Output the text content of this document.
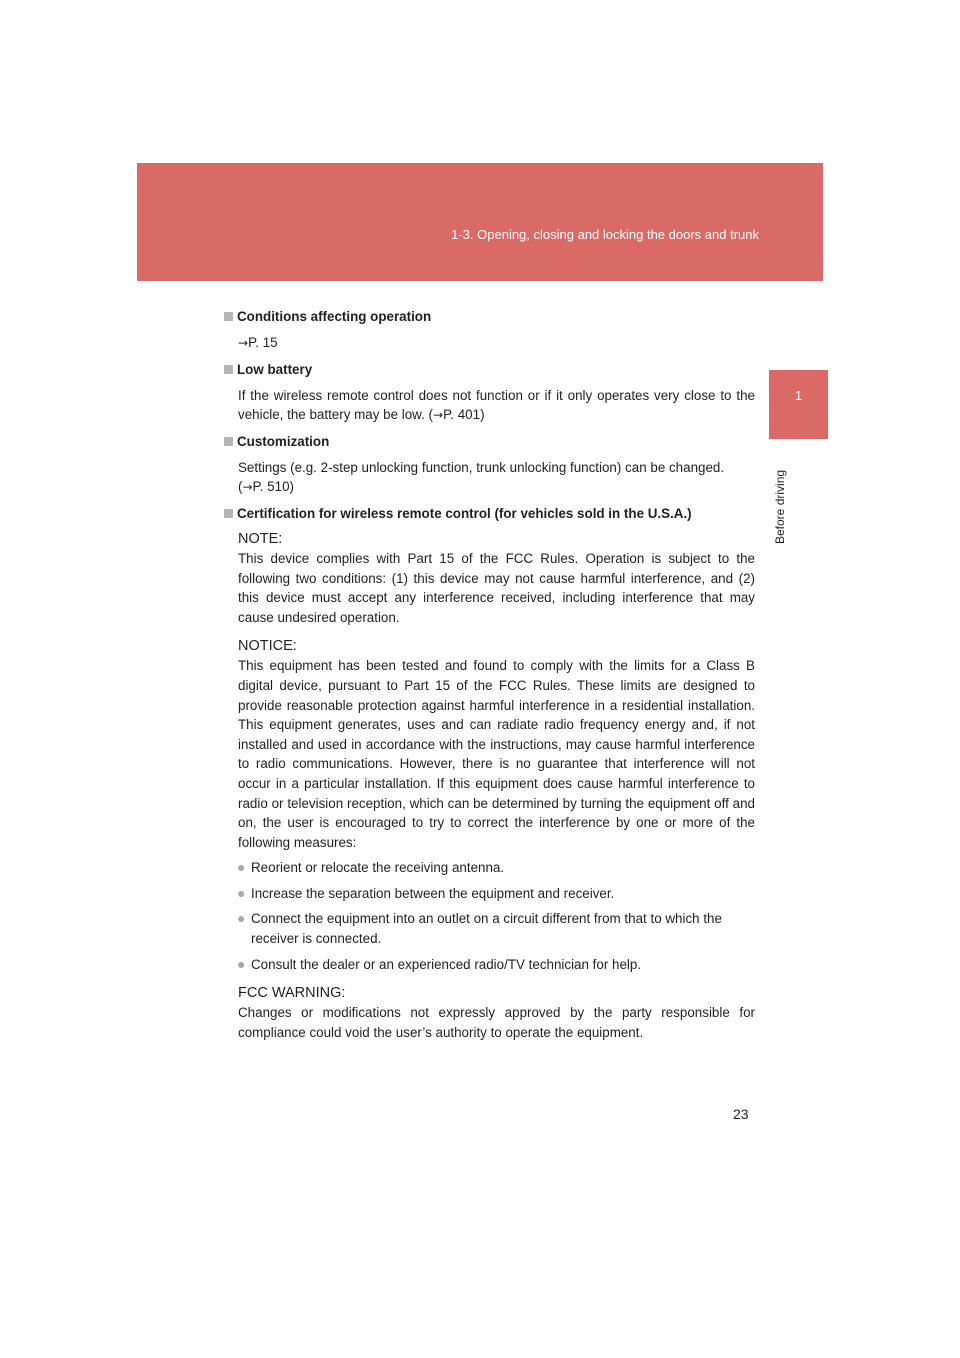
1-3. Opening, closing and locking the doors and trunk
1
Before driving
Conditions affecting operation
→P. 15
Low battery
If the wireless remote control does not function or if it only operates very close to the vehicle, the battery may be low. (→P. 401)
Customization
Settings (e.g. 2-step unlocking function, trunk unlocking function) can be changed.
(→P. 510)
Certification for wireless remote control (for vehicles sold in the U.S.A.)
NOTE:
This device complies with Part 15 of the FCC Rules. Operation is subject to the following two conditions: (1) this device may not cause harmful interference, and (2) this device must accept any interference received, including interference that may cause undesired operation.
NOTICE:
This equipment has been tested and found to comply with the limits for a Class B digital device, pursuant to Part 15 of the FCC Rules. These limits are designed to provide reasonable protection against harmful interference in a residential installation. This equipment generates, uses and can radiate radio frequency energy and, if not installed and used in accordance with the instructions, may cause harmful interference to radio communications. However, there is no guarantee that interference will not occur in a particular installation. If this equipment does cause harmful interference to radio or television reception, which can be determined by turning the equipment off and on, the user is encouraged to try to correct the interference by one or more of the following measures:
● Reorient or relocate the receiving antenna.
● Increase the separation between the equipment and receiver.
● Connect the equipment into an outlet on a circuit different from that to which the receiver is connected.
● Consult the dealer or an experienced radio/TV technician for help.
FCC WARNING:
Changes or modifications not expressly approved by the party responsible for compliance could void the user’s authority to operate the equipment.
23
